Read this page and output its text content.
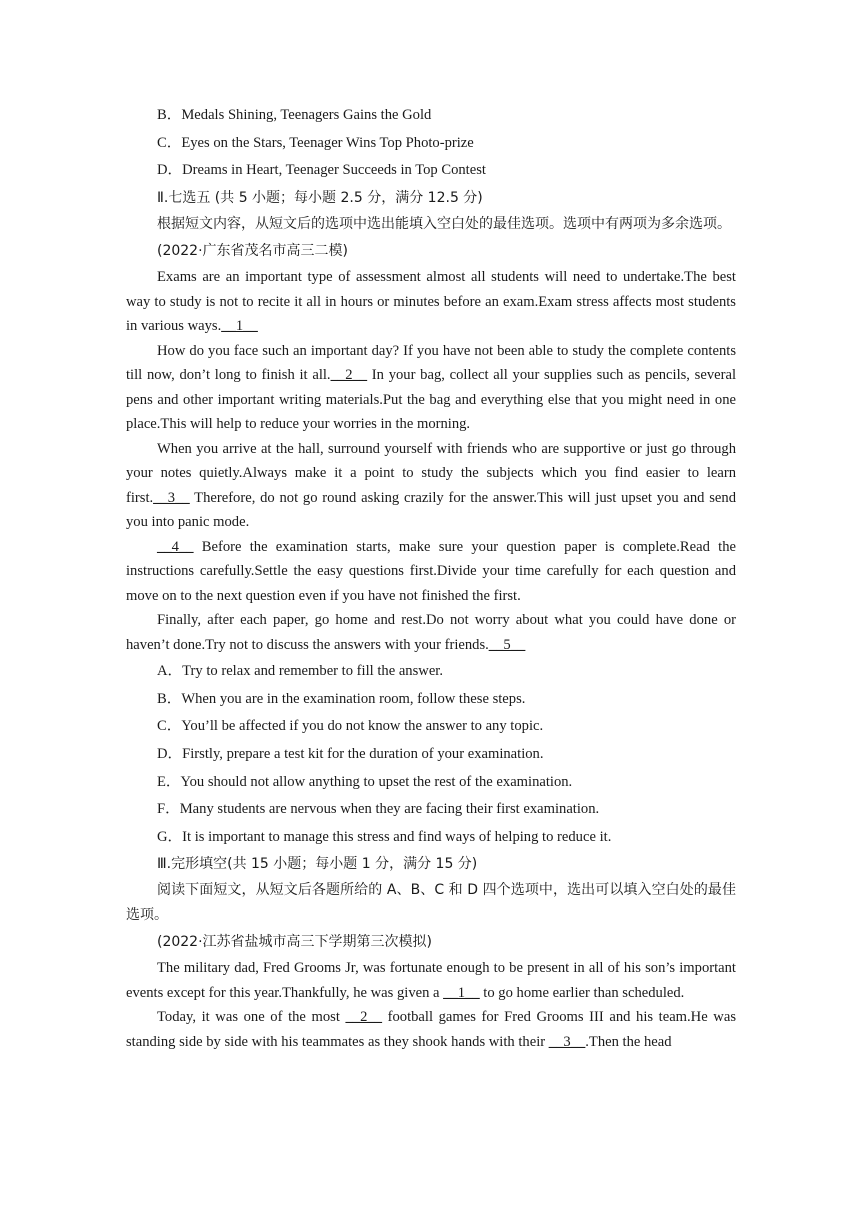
B．Medals Shining, Teenagers Gains the Gold
C．Eyes on the Stars, Teenager Wins Top Photo-prize
D．Dreams in Heart, Teenager Succeeds in Top Contest
Ⅱ.七选五 (共 5 小题；每小题 2.5 分，满分 12.5 分)

根据短文内容，从短文后的选项中选出能填入空白处的最佳选项。选项中有两项为多余选项。

(2022·广东省茂名市高三二模)

Exams are an important type of assessment almost all students will need to undertake.The best way to study is not to recite it all in hours or minutes before an exam.Exam stress affects most students in various ways.__1__

How do you face such an important day? If you have not been able to study the complete contents till now, don’t long to finish it all.__2__ In your bag, collect all your supplies such as pencils, several pens and other important writing materials.Put the bag and everything else that you might need in one place.This will help to reduce your worries in the morning.

When you arrive at the hall, surround yourself with friends who are supportive or just go through your notes quietly.Always make it a point to study the subjects which you find easier to learn first.__3__ Therefore, do not go round asking crazily for the answer.This will just upset you and send you into panic mode.

__4__ Before the examination starts, make sure your question paper is complete.Read the instructions carefully.Settle the easy questions first.Divide your time carefully for each question and move on to the next question even if you have not finished the first.

Finally, after each paper, go home and rest.Do not worry about what you could have done or haven’t done.Try not to discuss the answers with your friends.__5__

A．Try to relax and remember to fill the answer.
B．When you are in the examination room, follow these steps.
C．You’ll be affected if you do not know the answer to any topic.
D．Firstly, prepare a test kit for the duration of your examination.
E．You should not allow anything to upset the rest of the examination.
F．Many students are nervous when they are facing their first examination.
G．It is important to manage this stress and find ways of helping to reduce it.
Ⅲ.完形填空(共 15 小题；每小题 1 分，满分 15 分)

阅读下面短文，从短文后各题所给的 A、B、C 和 D 四个选项中，选出可以填入空白处的最佳选项。

(2022·江苏省盐城市高三下学期第三次模拟)

The military dad, Fred Grooms Jr, was fortunate enough to be present in all of his son’s important events except for this year.Thankfully, he was given a __1__ to go home earlier than scheduled.

Today, it was one of the most __2__ football games for Fred Grooms III and his team.He was standing side by side with his teammates as they shook hands with their __3__.Then the head
